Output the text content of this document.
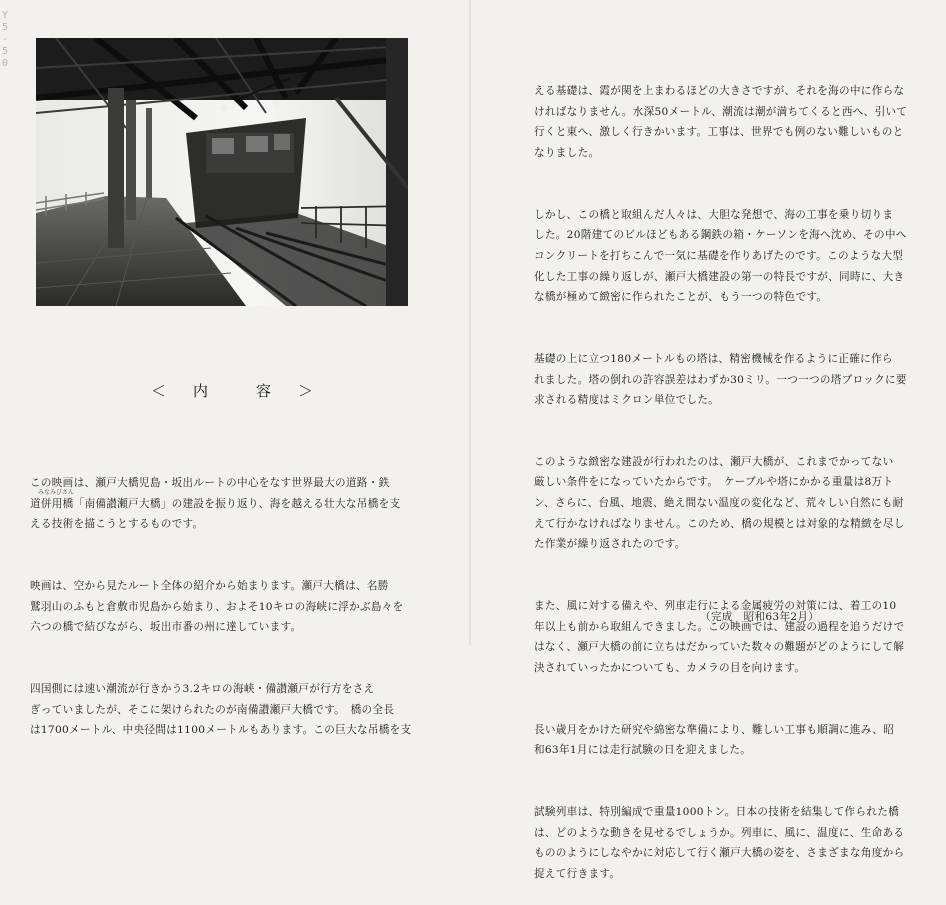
Y5-50
＜　内　　容　＞

この映画は、瀬戸大橋児島・坂出ルートの中心をなす世界最大の道路・鉄

みなみびさん
道併用橋「南備讃瀬戸大橋」の建設を振り返り、海を越える壮大な吊橋を支
える技術を描こうとするものです。

映画は、空から見たルート全体の紹介から始まります。瀬戸大橋は、名勝
鷲羽山のふもと倉敷市児島から始まり、およそ10キロの海峡に浮かぶ島々を
六つの橋で結びながら、坂出市番の州に達しています。

四国側には速い潮流が行きかう3.2キロの海峡・備讃瀬戸が行方をさえ
ぎっていましたが、そこに架けられたのが南備讃瀬戸大橋です。　橋の全長
は1700メートル、中央径間は1100メートルもあります。この巨大な吊橋を支

える基礎は、霞が関を上まわるほどの大きさですが、それを海の中に作らな
ければなりません。水深50メートル、潮流は潮が満ちてくると西へ、引いて
行くと東へ、激しく行きかいます。工事は、世界でも例のない難しいものと
なりました。

しかし、この橋と取組んだ人々は、大胆な発想で、海の工事を乗り切りま
した。20階建てのビルほどもある鋼鉄の箱・ケーソンを海へ沈め、その中へ
コンクリートを打ちこんで一気に基礎を作りあげたのです。このような大型
化した工事の繰り返しが、瀬戸大橋建設の第一の特長ですが、同時に、大き
な橋が極めて緻密に作られたことが、もう一つの特色です。

基礎の上に立つ180メートルもの塔は、精密機械を作るように正確に作ら
れました。塔の倒れの許容誤差はわずか30ミリ。一つ一つの塔ブロックに要
求される精度はミクロン単位でした。

このような緻密な建設が行われたのは、瀬戸大橋が、これまでかってない
厳しい条件をになっていたからです。　ケーブルや塔にかかる重量は8万ト
ン、さらに、台風、地震、絶え間ない温度の変化など、荒々しい自然にも耐
えて行かなければなりません。このため、橋の規模とは対象的な精緻を尽し
た作業が繰り返されたのです。

また、風に対する備えや、列車走行による金属疲労の対策には、着工の10
年以上も前から取組んできました。この映画では、建設の過程を追うだけで
はなく、瀬戸大橋の前に立ちはだかっていた数々の難題がどのようにして解
決されていったかについても、カメラの目を向けます。

長い歳月をかけた研究や綿密な準備により、難しい工事も順調に進み、昭
和63年1月には走行試験の日を迎えました。

試験列車は、特別編成で重量1000トン。日本の技術を結集して作られた橋
は、どのような動きを見せるでしょうか。列車に、風に、温度に、生命ある
もののようにしなやかに対応して行く瀬戸大橋の姿を、さまざまな角度から
捉えて行きます。

（完成　昭和63年2月）
